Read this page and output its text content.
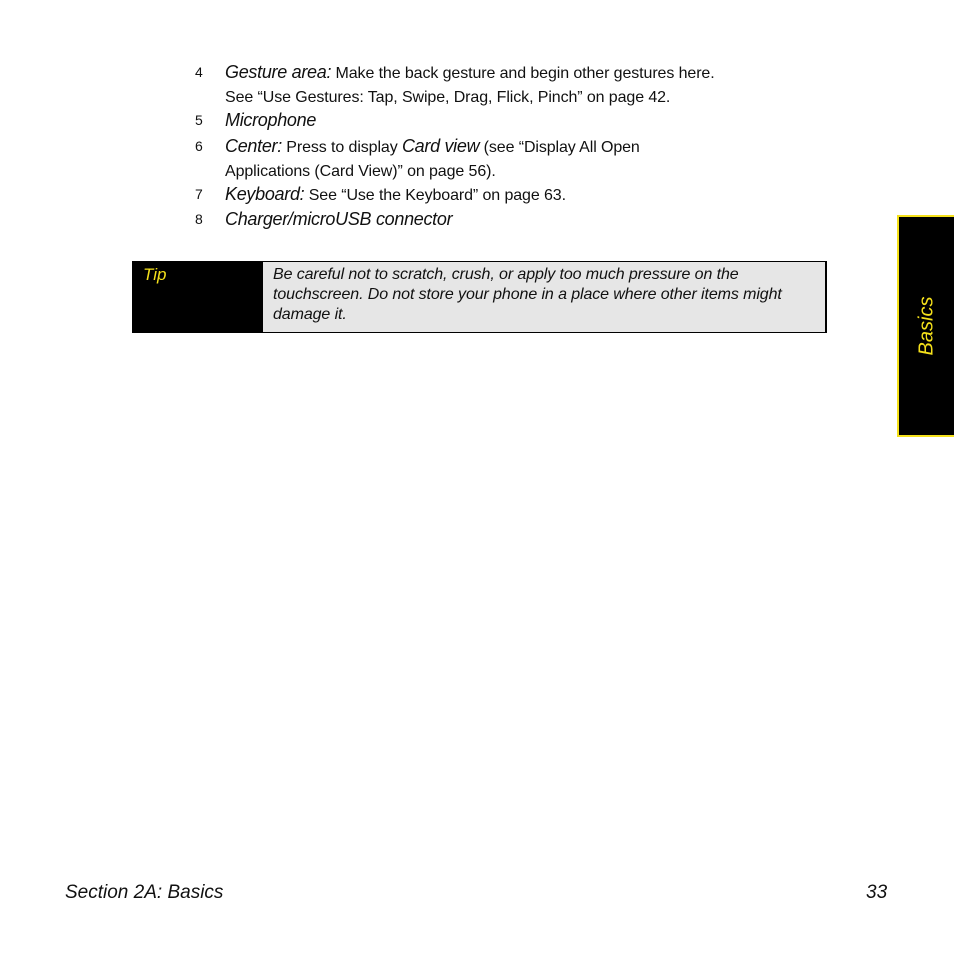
4 Gesture area: Make the back gesture and begin other gestures here.
See “Use Gestures: Tap, Swipe, Drag, Flick, Pinch” on page 42.
5 Microphone
6 Center: Press to display Card view (see “Display All Open
Applications (Card View)” on page 56).
7 Keyboard: See “Use the Keyboard” on page 63.
8 Charger/microUSB connector
Tip	Be careful not to scratch, crush, or apply too much pressure on the touchscreen. Do not store your phone in a place where other items might damage it.	Basics
Section 2A: Basics	33
